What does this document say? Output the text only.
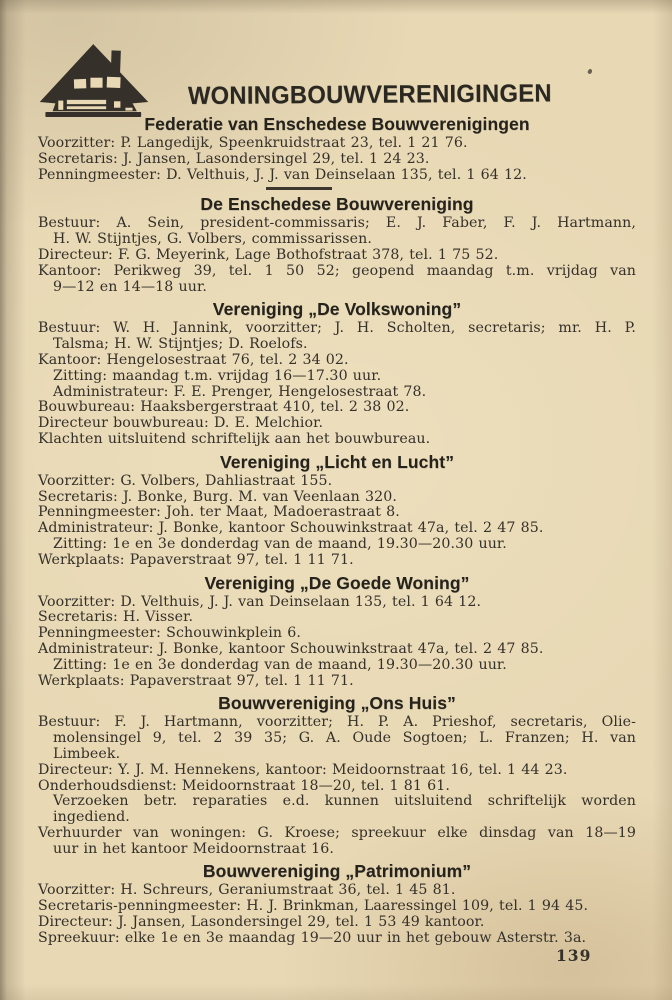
WONINGBOUWVERENIGINGEN
Federatie van Enschedese Bouwverenigingen
Voorzitter: P. Langedijk, Speenkruidstraat 23, tel. 1 21 76.
Secretaris: J. Jansen, Lasondersingel 29, tel. 1 24 23.
Penningmeester: D. Velthuis, J. J. van Deinselaan 135, tel. 1 64 12.
De Enschedese Bouwvereniging
Bestuur: A. Sein, president-commissaris; E. J. Faber, F. J. Hartmann,
H. W. Stijntjes, G. Volbers, commissarissen.
Directeur: F. G. Meyerink, Lage Bothofstraat 378, tel. 1 75 52.
Kantoor: Perikweg 39, tel. 1 50 52; geopend maandag t.m. vrijdag van
9—12 en 14—18 uur.
Vereniging „De Volkswoning”
Bestuur: W. H. Jannink, voorzitter; J. H. Scholten, secretaris; mr. H. P.
Talsma; H. W. Stijntjes; D. Roelofs.
Kantoor: Hengelosestraat 76, tel. 2 34 02.
Zitting: maandag t.m. vrijdag 16—17.30 uur.
Administrateur: F. E. Prenger, Hengelosestraat 78.
Bouwbureau: Haaksbergerstraat 410, tel. 2 38 02.
Directeur bouwbureau: D. E. Melchior.
Klachten uitsluitend schriftelijk aan het bouwbureau.
Vereniging „Licht en Lucht”
Voorzitter: G. Volbers, Dahliastraat 155.
Secretaris: J. Bonke, Burg. M. van Veenlaan 320.
Penningmeester: Joh. ter Maat, Madoerastraat 8.
Administrateur: J. Bonke, kantoor Schouwinkstraat 47a, tel. 2 47 85.
Zitting: 1e en 3e donderdag van de maand, 19.30—20.30 uur.
Werkplaats: Papaverstraat 97, tel. 1 11 71.
Vereniging „De Goede Woning”
Voorzitter: D. Velthuis, J. J. van Deinselaan 135, tel. 1 64 12.
Secretaris: H. Visser.
Penningmeester: Schouwinkplein 6.
Administrateur: J. Bonke, kantoor Schouwinkstraat 47a, tel. 2 47 85.
Zitting: 1e en 3e donderdag van de maand, 19.30—20.30 uur.
Werkplaats: Papaverstraat 97, tel. 1 11 71.
Bouwvereniging „Ons Huis”
Bestuur: F. J. Hartmann, voorzitter; H. P. A. Prieshof, secretaris, Olie-
molensingel 9, tel. 2 39 35; G. A. Oude Sogtoen; L. Franzen; H. van
Limbeek.
Directeur: Y. J. M. Hennekens, kantoor: Meidoornstraat 16, tel. 1 44 23.
Onderhoudsdienst: Meidoornstraat 18—20, tel. 1 81 61.
Verzoeken betr. reparaties e.d. kunnen uitsluitend schriftelijk worden
ingediend.
Verhuurder van woningen: G. Kroese; spreekuur elke dinsdag van 18—19
uur in het kantoor Meidoornstraat 16.
Bouwvereniging „Patrimonium”
Voorzitter: H. Schreurs, Geraniumstraat 36, tel. 1 45 81.
Secretaris-penningmeester: H. J. Brinkman, Laaressingel 109, tel. 1 94 45.
Directeur: J. Jansen, Lasondersingel 29, tel. 1 53 49 kantoor.
Spreekuur: elke 1e en 3e maandag 19—20 uur in het gebouw Asterstr. 3a.
139
